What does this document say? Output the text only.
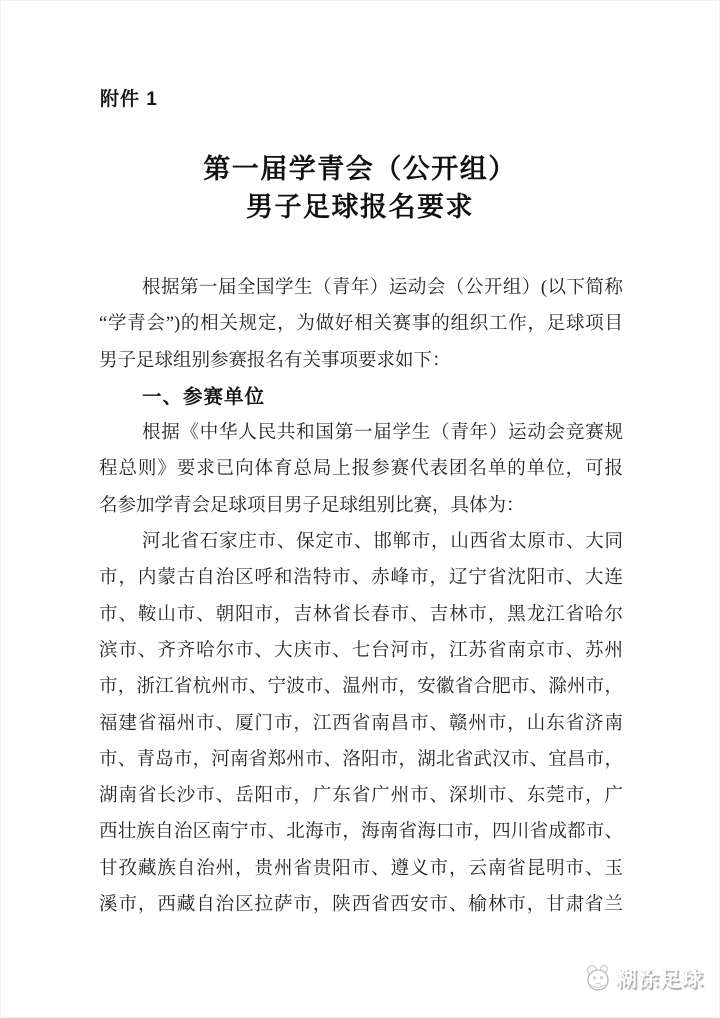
附件 1
第一届学青会（公开组）
男子足球报名要求
根据第一届全国学生（青年）运动会（公开组）(以下简称
“学青会”)的相关规定，为做好相关赛事的组织工作，足球项目
男子足球组别参赛报名有关事项要求如下：
一、参赛单位
根据《中华人民共和国第一届学生（青年）运动会竞赛规
程总则》要求已向体育总局上报参赛代表团名单的单位，可报
名参加学青会足球项目男子足球组别比赛，具体为：
河北省石家庄市、保定市、邯郸市，山西省太原市、大同
市，内蒙古自治区呼和浩特市、赤峰市，辽宁省沈阳市、大连
市、鞍山市、朝阳市，吉林省长春市、吉林市，黑龙江省哈尔
滨市、齐齐哈尔市、大庆市、七台河市，江苏省南京市、苏州
市，浙江省杭州市、宁波市、温州市，安徽省合肥市、滁州市，
福建省福州市、厦门市，江西省南昌市、赣州市，山东省济南
市、青岛市，河南省郑州市、洛阳市，湖北省武汉市、宜昌市，
湖南省长沙市、岳阳市，广东省广州市、深圳市、东莞市，广
西壮族自治区南宁市、北海市，海南省海口市，四川省成都市、
甘孜藏族自治州，贵州省贵阳市、遵义市，云南省昆明市、玉
溪市，西藏自治区拉萨市，陕西省西安市、榆林市，甘肃省兰
糊涂足球
